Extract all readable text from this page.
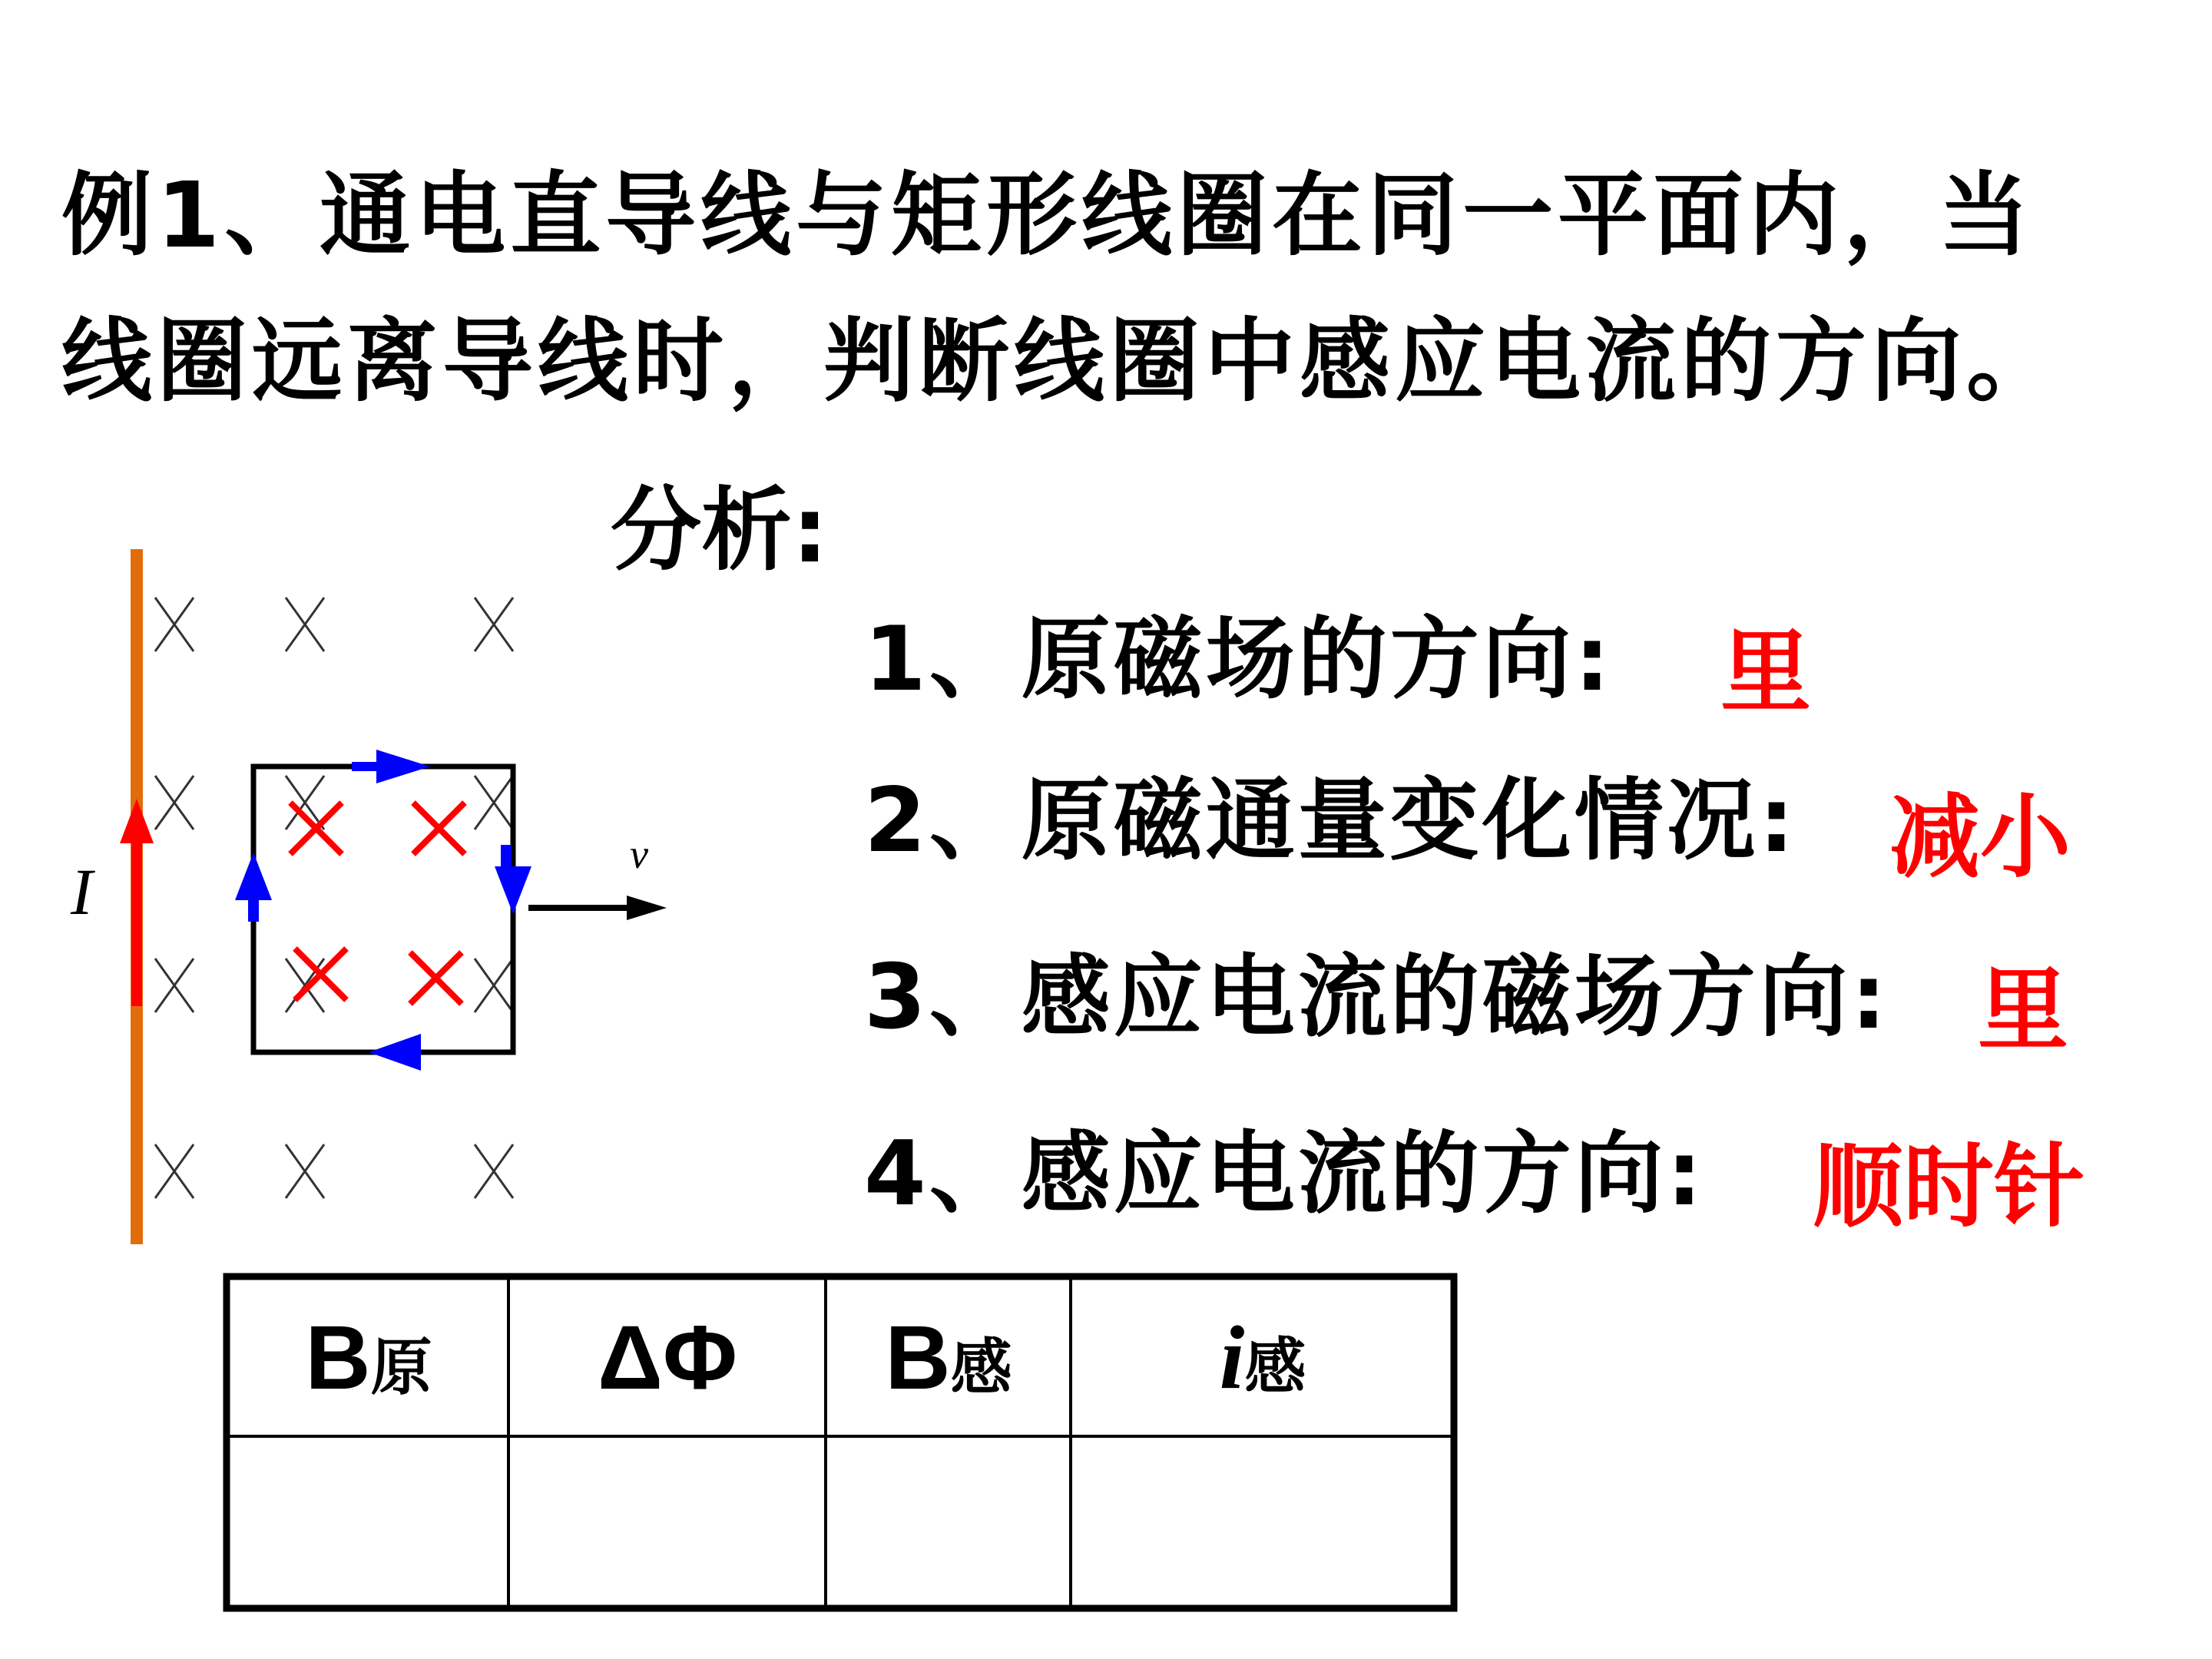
例1、通电直导线与矩形线圈在同一平面内，当
线圈远离导线时，判断线圈中感应电流的方向。
分析:
1、原磁场的方向: 里
2、原磁通量变化情况: 减小
3、感应电流的磁场方向: 里
4、感应电流的方向: 顺时针
I
v
B原	ΔΦ	B感	i感
